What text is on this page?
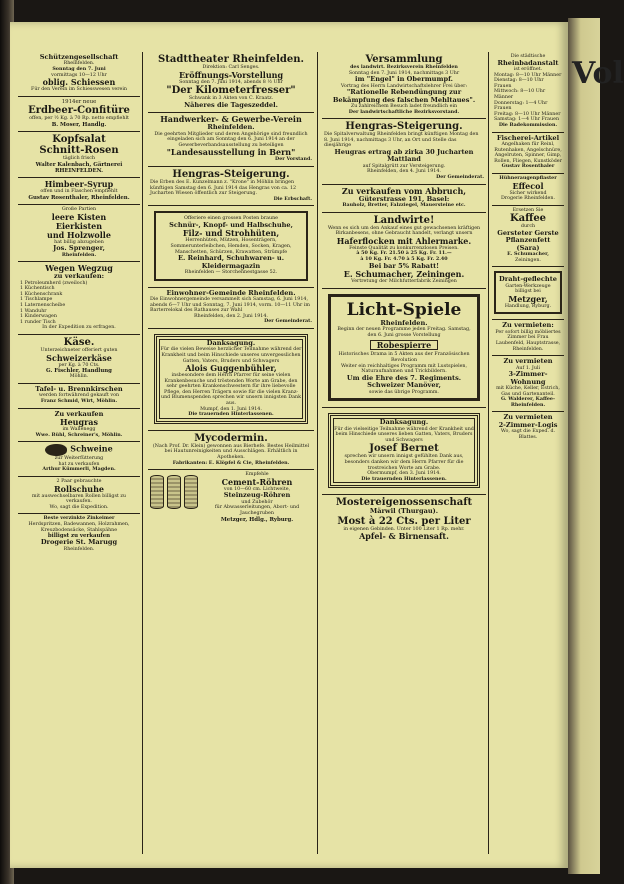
Schützengesellschaft
Rheinfelden.
Sonntag den 7. Juni
vormittags 10—12 Uhr
oblig. Schiessen
Für den Verein im Schiesswesen verein
1914er neue
Erdbeer-Confitüre
offen, per ½ Kg. à 70 Rp. netto empfiehlt
B. Moser, Handlg.
Kopfsalat
Schnitt-Rosen
täglich frisch
Walter Kalenbach, Gärtnerei
RHEINFELDEN.
Himbeer-Syrup
offen und in Flaschen empfiehlt
Gustav Rosenthaler, Rheinfelden.
Große Partien
leere Kisten
Eierkisten
und Holzwolle
hat billig abzugeben
Jos. Sprenger,
Rheinfelden.
Wegen Wegzug
zu verkaufen:
1 Petroleumherd (zweiloch)
1 Küchentisch
1 Küchenschrank
1 Tischlampe
1 Laternenscheibe
1 Wanduhr
1 Kinderwagen
1 runder Tisch
In der Expedition zu erfragen.
Käse.
Unterzeichneter offeriert guten
Schweizerkäse
per Kg. à 70 Cts.
G. Fischler, Handlung
Möhlin.
Tafel- u. Brennkirschen
werden fortwährend gekauft von
Franz Schmid, Wirt, Möhlin.
Zu verkaufen
Heugras
im Wallenegg
Wwe. Bühl, Schreiner's, Möhlin.
Schweine
zur Weiterfütterung
hat zu verkaufen
Arthur Kümmerli, Magden.
2 Paar gebrauchte
Rollschuhe
mit auswechselbaren Rollen billigst zu verkaufen.
Wo, sagt die Expedition.
Beste verzinkte Zinkeimer
Herdspritzen, Badewannen, Holzrahmen, Kreuzbodensäcke, Stahlspähne
billigst zu verkaufen
Drogerie St. Marugg
Rheinfelden.
Stadttheater Rheinfelden.
Direktion: Carl Senges.
Eröffnungs-Vorstellung
Sonntag den 7. Juni 1914, abends 8 ½ Uhr
"Der Kilometerfresser"
Schwank in 3 Akten von C. Kraatz.
Näheres die Tageszeddel.
Handwerker- & Gewerbe-Verein
Rheinfelden.
Die geehrten Mitglieder und deren Angehörige sind freundlich eingeladen sich am Sonntag den 6. Juni 1914 an der Gewerbeverbandsausstellung zu beteiligen
"Landesausstellung in Bern"
Der Vorstand.
Hengras-Steigerung.
Die Erben des E. Kunzelmann z. "Krone" in Möhlin bringen künftigen Samstag den 6. Juni 1914 das Hengras von ca. 12 Jucharten Wiesen öffentlich zur Steigerung.
Die Erbschaft.
Offeriere einen grossen Posten braune
Schnür-, Knopf- und Halbschuhe,
Filz- und Strohhüten,
Herrenhüten, Mützen, Hosenträgern, Sommerunterleibchen, Hemden, Socken, Kragen, Manschetten, Schürzen, Krawatten, Strümpfe
E. Reinhard, Schuhwaren- u. Kleidermagazin
Rheinfelden — Storchennestgasse 52.
Einwohner-Gemeinde Rheinfelden.
Die Einwohnergemeinde versammelt sich Samstag, 6. Juni 1914, abends 6—7 Uhr und Sonntag, 7. Juni 1914, vorm. 10—11 Uhr im Barterrelokal des Rathauses zur Wahl
Rheinfelden, den 2. Juni 1914.
Der Gemeinderat.
Danksagung.
Für die vielen Beweise herzlicher Teilnahme während der Krankheit und beim Hinschiede unseres unvergesslichen Gatten, Vaters, Bruders und Schwagers
Alois Guggenbühler,
insbesondere dem Herrn Pfarrer für seine vielen Krankenbesuche und tröstenden Worte am Grabe, den sehr geehrten Krankenschwestern für ihre liebevolle Pflege, den Herren Trägern sowie für die vielen Kranz- und Blumenspenden sprechen wir unsern innigsten Dank aus.
Mumpf, den 1. Juni 1914.
Die trauernden Hinterlassenen.
Mycodermin.
(Nach Prof. Dr. Klein) gewonnen aus Bierhefe. Bestes Heilmittel bei Hautunreinigkeiten und Ausschlägen. Erhältlich in Apotheken.
Fabrikanten: E. Klöpfel & Cie, Rheinfelden.
Empfehle
Cement-Röhren
von 10—60 cm. Lichtweite,
Steinzeug-Röhren
und Zubehör
für Abwasserleitungen, Abort- und Jauchegruben
Metzger, Hdlg., Ryburg.
Versammlung
des landwirt. Bezirksverein Rheinfelden
Sonntag den 7. Juni 1914, nachmittags 3 Uhr
im "Engel" in Obermumpf.
Vortrag des Herrn Landwirtschaftslehrer Frei über:
"Rationelle Rebendüngung zur Bekämpfung des falschen Mehltaues".
Zu zahlreichem Besuch ladet freundlich ein
Der landwirtschaftliche Bezirksvorstand.
Hengras-Steigerung.
Die Spitalverwaltung Rheinfelden bringt künftigen Montag den 8. Juni 1914, nachmittags 3 Uhr, an Ort und Stelle das diesjährige
Heugras ertrag ab zirka 30 Jucharten Mattland
auf Spitalgrütt zur Versteigerung.
Rheinfelden, den 4. Juni 1914.
Der Gemeinderat.
Zu verkaufen vom Abbruch,
Güterstrasse 191, Basel:
Bauholz, Bretter, Falzziegel, Mauersteine etc.
Landwirte!
Wenn es sich um den Ankauf eines gut gewachsenen kräftigen Birkanbesens, ohne Gebraucht handelt, verlangt unsern
Haferflocken mit Ahlermarke.
Feinste Qualität zu konkurrenzlosen Preisen.
à 50 Kg. Fr. 21.50 à 25 Kg. Fr. 11.—
à 10 Kg. Fr. 4.70 à 5 Kg. Fr. 2.40
Bei bar 5% Rabatt!
E. Schumacher, Zeiningen.
Vertretung der Milchfutterfabrik Zeiningen
Licht-Spiele
Rheinfelden.
Beginn der neuen Programme jeden Freitag. Samstag, den 6. Juni grosse Vorstellung
Robespierre
Historisches Drama in 5 Akten aus der Französischen Revolution
Weiter ein reichhaltiges Programm mit Lustspielen, Naturaufnahmen und Trickbildern.
Um die Ehre des 7. Regiments.
Schweizer Manöver,
sowie das übrige Programm.
Danksagung.
Für die vielseitige Teilnahme während der Krankheit und beim Hinschiede unseres lieben Gatten, Vaters, Bruders und Schwagers
Josef Bernet
sprechen wir unsern innigst gefühlten Dank aus, besonders danken wir dem Herrn Pfarrer für die trostreichen Worte am Grabe.
Obermumpf, den 3. Juni 1914.
Die trauernden Hinterlassenen.
Mostereigenossenschaft
Märwil (Thurgau).
Most à 22 Cts. per Liter
in eigenen Gebinden. Unter 100 Liter 1 Rp. mehr.
Apfel- & Birnensaft.
Die städtische
Rheinbadanstalt
ist eröffnet.
Montag: 8—10 Uhr Männer
Dienstag: 8—10 Uhr Frauen
Mittwoch: 8—10 Uhr Männer
Donnerstag: 1—4 Uhr Frauen
Freitag: 8—10 Uhr Männer
Samstag: 1—4 Uhr Frauen
Die Badekommission.
Fischerei-Artikel
Angelhaken für Reinl, Rutenhaken, Angelschnüre, Angelruten, Spinner, Gimp, Rollen, Fliegen, Kunstköder
Gustav Rosenthaler
Hühneraugenpflaster
Effecol
Sicher wirkend
Drogerie Rheinfelden.
Ersetzen Sie
Kaffee
durch
Gersteter Gerste
Pflanzenfett (Sara)
E. Schumacher,
Zeiningen.
Draht-geflechte
Garten-Werkzeuge
billigst bei
Metzger,
Handlung, Ryburg.
Zu vermieten:
Per sofort billig möbliertes Zimmer bei Frau Laubenfeld, Hauptstrasse, Rheinfelden.
Zu vermieten
Auf 1. Juli
3-Zimmer-Wohnung
mit Küche, Keller, Estrich, Gas und Gartenanteil.
G. Walderer, Kaffee-Rheinfelden.
Zu vermieten
2-Zimmer-Logis
Wo, sagt die Exped. d. Blattes.
Vol
